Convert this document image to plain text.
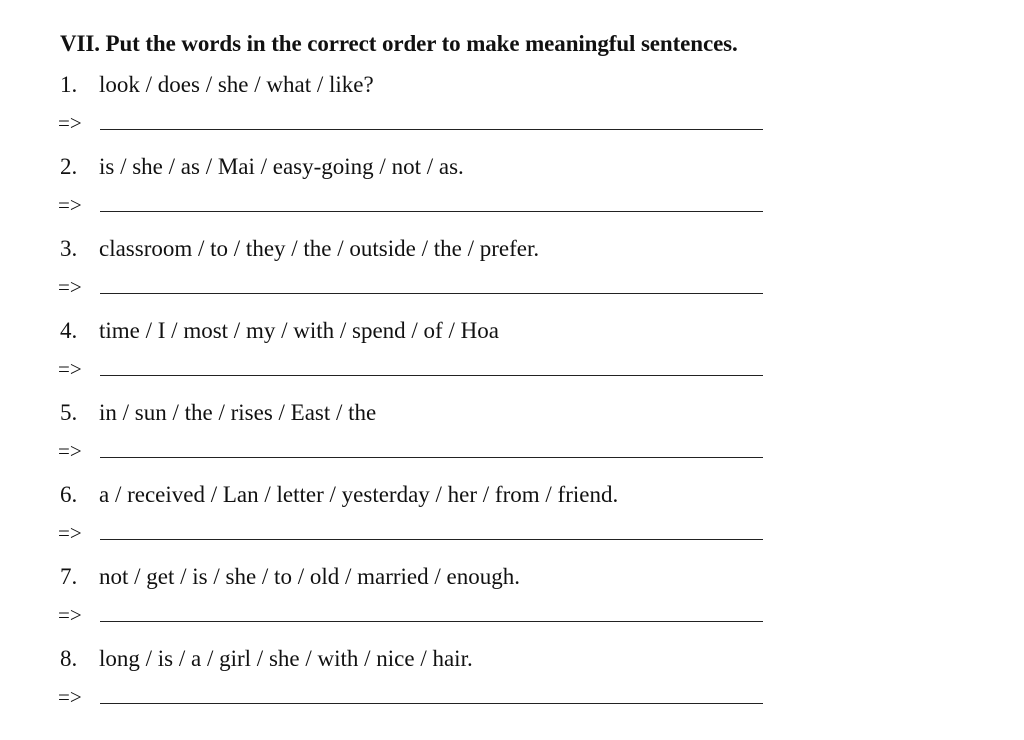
VII. Put the words in the correct order to make meaningful sentences.
1. look / does / she / what / like?
=>
2. is / she / as / Mai / easy-going / not / as.
=>
3. classroom / to / they / the / outside / the / prefer.
=>
4. time / I / most / my / with / spend / of / Hoa
=>
5. in / sun / the / rises / East / the
=>
6. a / received / Lan / letter / yesterday / her / from / friend.
=>
7. not / get / is / she / to / old / married / enough.
=>
8. long / is / a / girl / she / with / nice / hair.
=>
